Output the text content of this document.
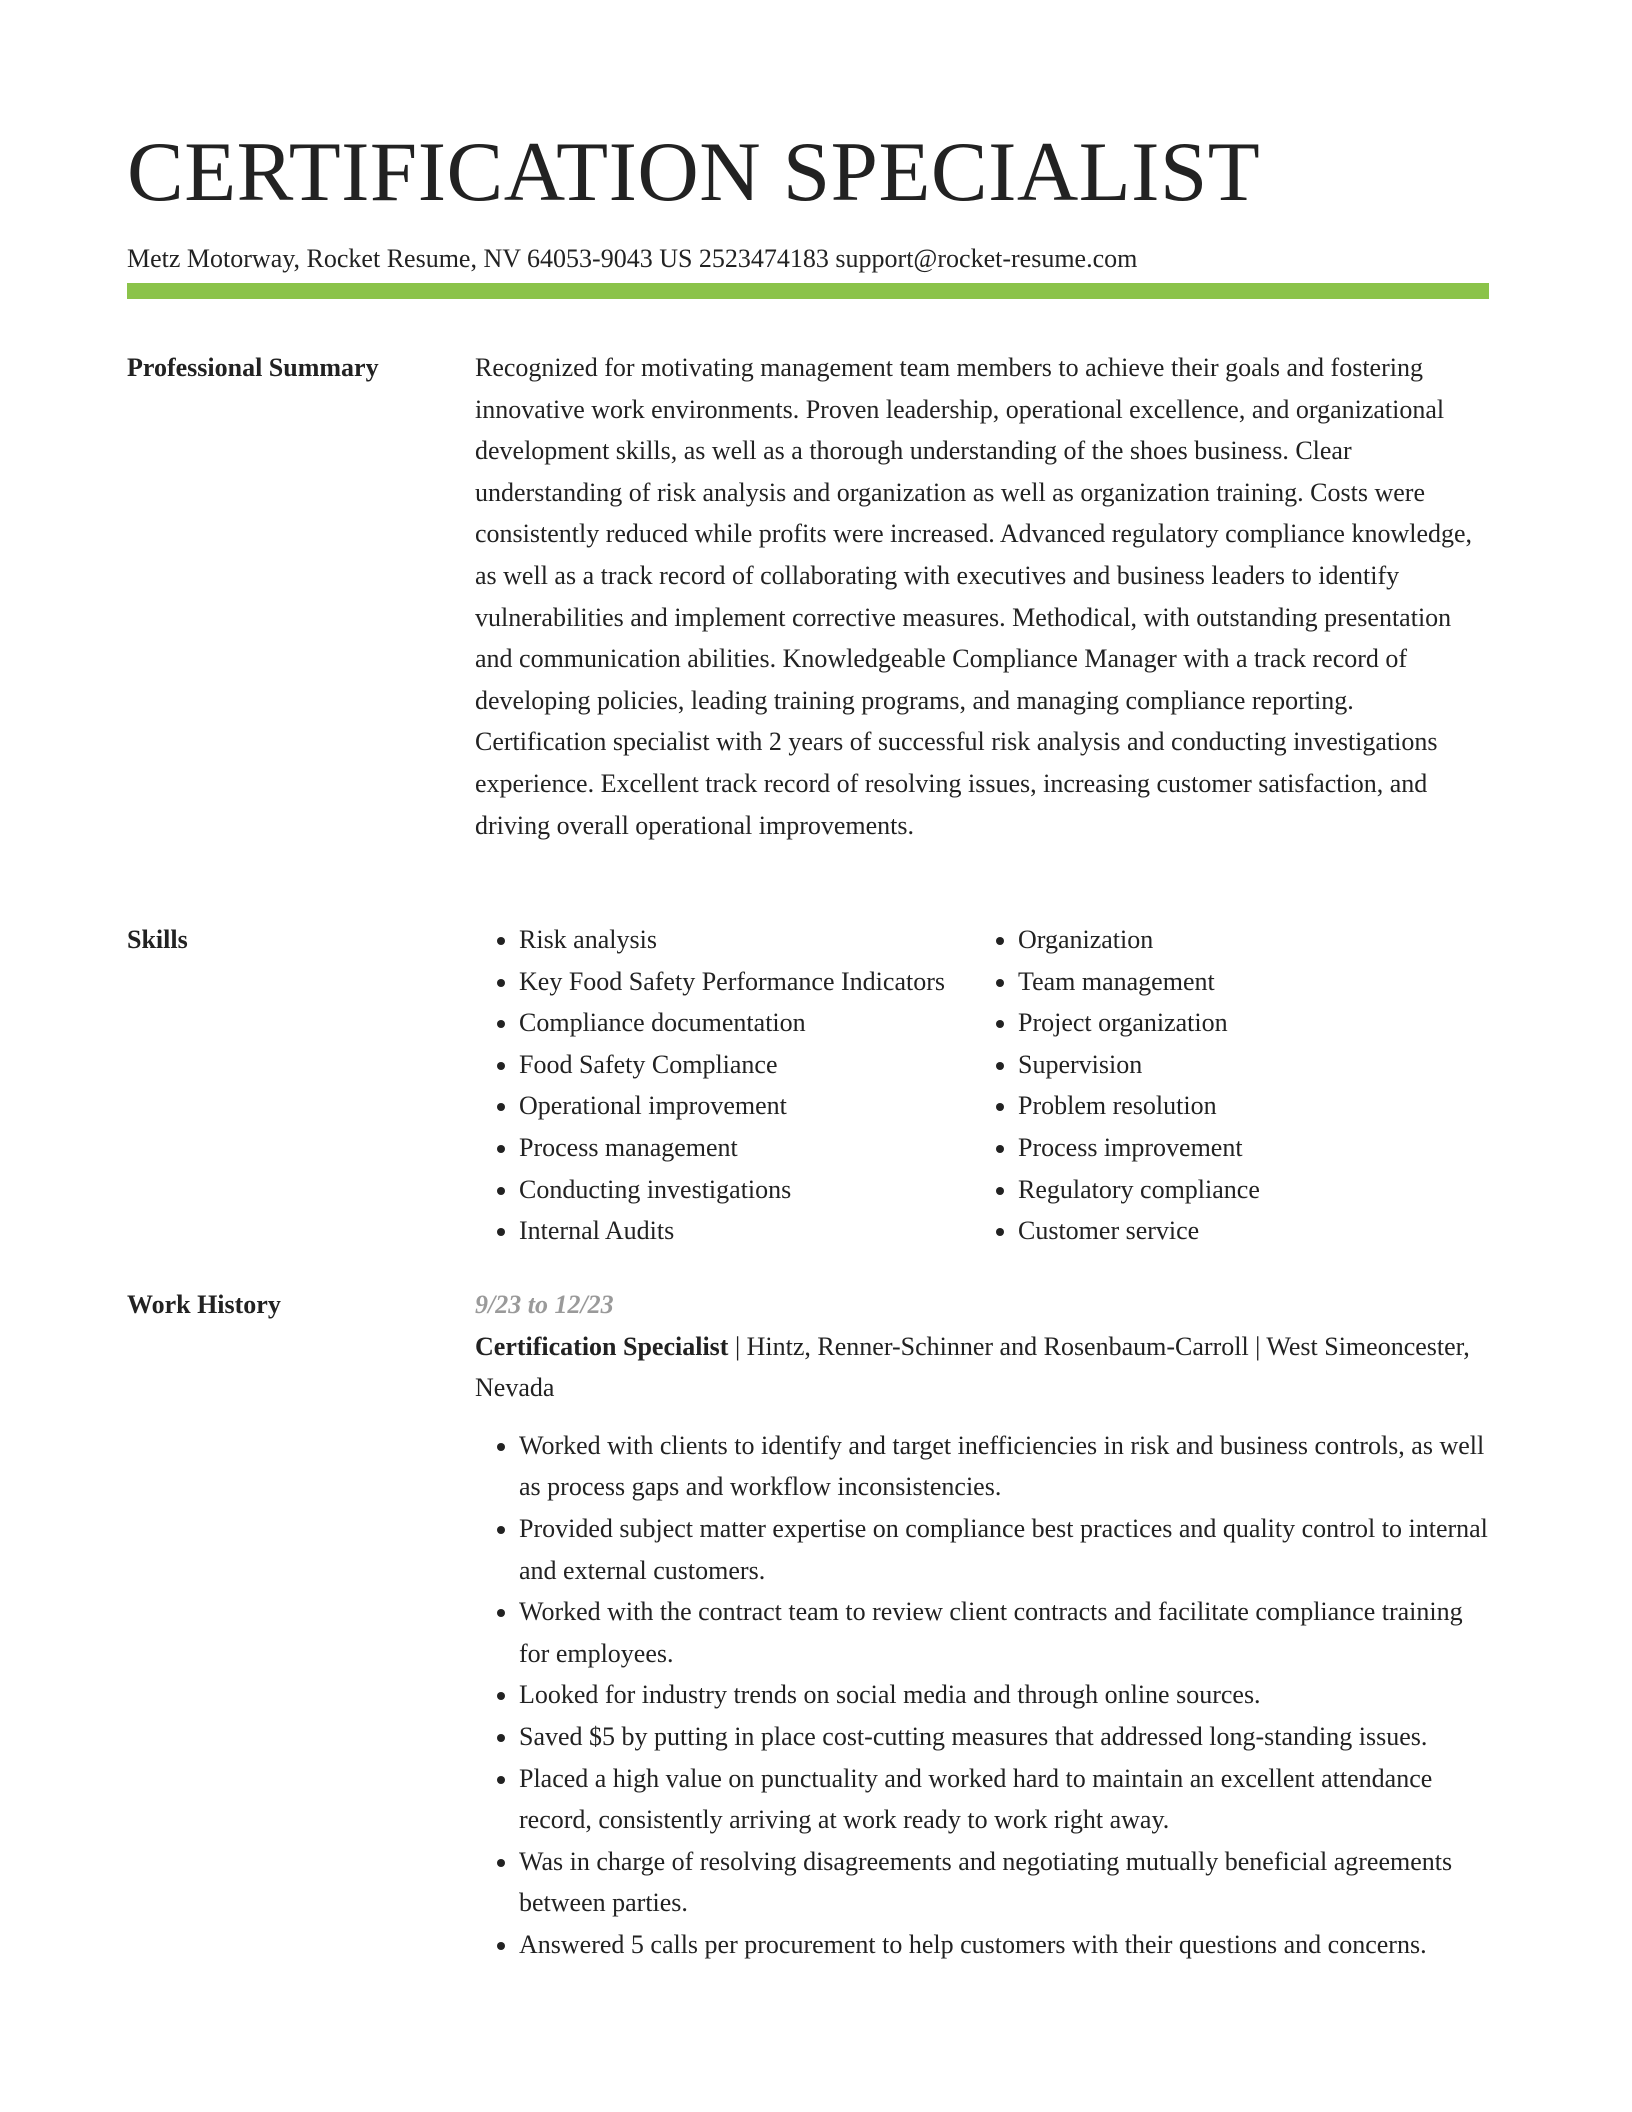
CERTIFICATION SPECIALIST
Metz Motorway, Rocket Resume, NV 64053-9043 US 2523474183 support@rocket-resume.com
Professional Summary	Recognized for motivating management team members to achieve their goals and fostering innovative work environments. Proven leadership, operational excellence, and organizational development skills, as well as a thorough understanding of the shoes business. Clear understanding of risk analysis and organization as well as organization training. Costs were consistently reduced while profits were increased. Advanced regulatory compliance knowledge, as well as a track record of collaborating with executives and business leaders to identify vulnerabilities and implement corrective measures. Methodical, with outstanding presentation and communication abilities. Knowledgeable Compliance Manager with a track record of developing policies, leading training programs, and managing compliance reporting. Certification specialist with 2 years of successful risk analysis and conducting investigations experience. Excellent track record of resolving issues, increasing customer satisfaction, and driving overall operational improvements.

Skills
•	Risk analysis
• Key Food Safety Performance Indicators
• Compliance documentation
• Food Safety Compliance
• Operational improvement
• Process management
• Conducting investigations
• Internal Audits
• Organization
• Team management
• Project organization
• Supervision
• Problem resolution
• Process improvement
• Regulatory compliance
• Customer service
Work History	9/23 to 12/23

Certification Specialist | Hintz, Renner-Schinner and Rosenbaum-Carroll | West Simeoncester, Nevada

• Worked with clients to identify and target inefficiencies in risk and business controls, as well as process gaps and workflow inconsistencies.
• Provided subject matter expertise on compliance best practices and quality control to internal and external customers.
• Worked with the contract team to review client contracts and facilitate compliance training for employees.
• Looked for industry trends on social media and through online sources.
• Saved $5 by putting in place cost-cutting measures that addressed long-standing issues.
• Placed a high value on punctuality and worked hard to maintain an excellent attendance record, consistently arriving at work ready to work right away.
• Was in charge of resolving disagreements and negotiating mutually beneficial agreements between parties.
• Answered 5 calls per procurement to help customers with their questions and concerns.
